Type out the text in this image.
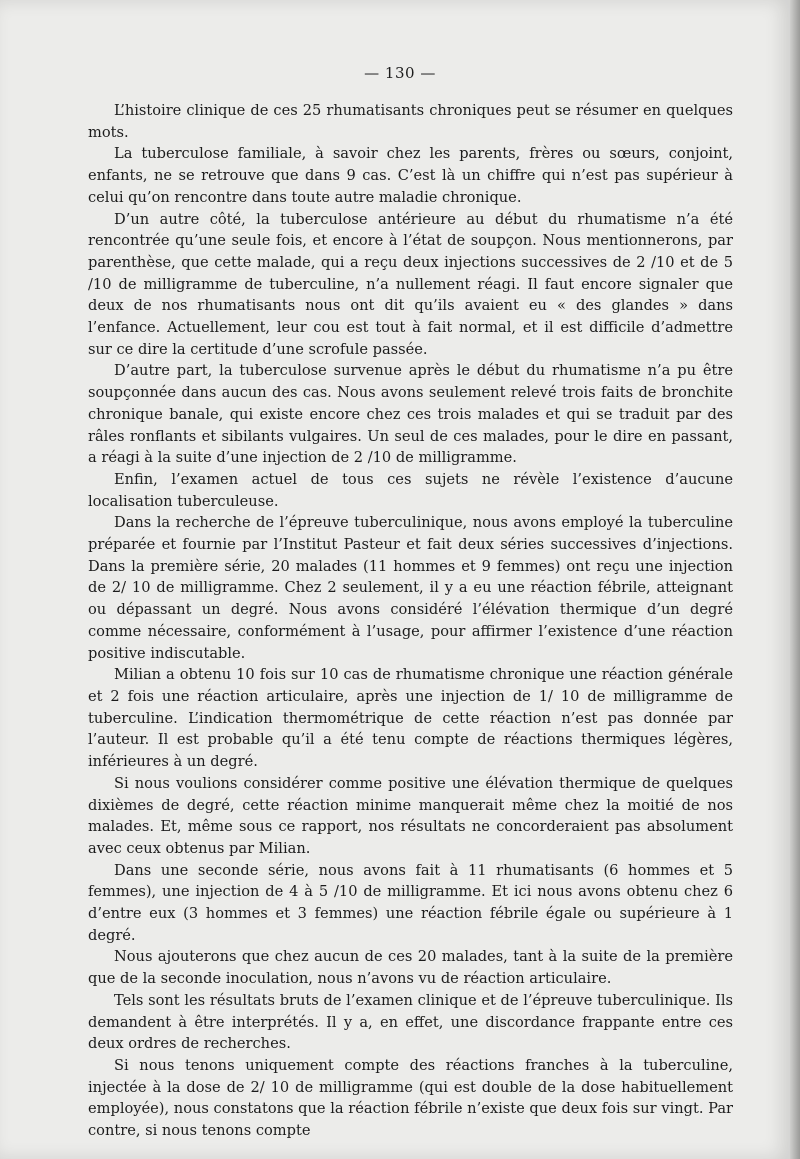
— 130 —

L’histoire clinique de ces 25 rhumatisants chroniques peut se résumer en quelques mots.

La tuberculose familiale, à savoir chez les parents, frères ou sœurs, conjoint, enfants, ne se retrouve que dans 9 cas. C’est là un chiffre qui n’est pas supérieur à celui qu’on rencontre dans toute autre maladie chronique.

D’un autre côté, la tuberculose antérieure au début du rhumatisme n’a été rencontrée qu’une seule fois, et encore à l’état de soupçon. Nous mentionnerons, par parenthèse, que cette malade, qui a reçu deux injections successives de 2 /10 et de 5 /10 de milligramme de tuberculine, n’a nullement réagi. Il faut encore signaler que deux de nos rhumatisants nous ont dit qu’ils avaient eu « des glandes » dans l’enfance. Actuellement, leur cou est tout à fait normal, et il est difficile d’admettre sur ce dire la certitude d’une scrofule passée.

D’autre part, la tuberculose survenue après le début du rhumatisme n’a pu être soupçonnée dans aucun des cas. Nous avons seulement relevé trois faits de bronchite chronique banale, qui existe encore chez ces trois malades et qui se traduit par des râles ronflants et sibilants vulgaires. Un seul de ces malades, pour le dire en passant, a réagi à la suite d’une injection de 2 /10 de milligramme.

Enfin, l’examen actuel de tous ces sujets ne révèle l’existence d’aucune localisation tuberculeuse.

Dans la recherche de l’épreuve tuberculinique, nous avons employé la tuberculine préparée et fournie par l’Institut Pasteur et fait deux séries successives d’injections. Dans la première série, 20 malades (11 hommes et 9 femmes) ont reçu une injection de 2/ 10 de milligramme. Chez 2 seulement, il y a eu une réaction fébrile, atteignant ou dépassant un degré. Nous avons considéré l’élévation thermique d’un degré comme nécessaire, conformément à l’usage, pour affirmer l’existence d’une réaction positive indiscutable.

Milian a obtenu 10 fois sur 10 cas de rhumatisme chronique une réaction générale et 2 fois une réaction articulaire, après une injection de 1/ 10 de milligramme de tuberculine. L’indication thermométrique de cette réaction n’est pas donnée par l’auteur. Il est probable qu’il a été tenu compte de réactions thermiques légères, inférieures à un degré.

Si nous voulions considérer comme positive une élévation thermique de quelques dixièmes de degré, cette réaction minime manquerait même chez la moitié de nos malades. Et, même sous ce rapport, nos résultats ne concorderaient pas absolument avec ceux obtenus par Milian.

Dans une seconde série, nous avons fait à 11 rhumatisants (6 hommes et 5 femmes), une injection de 4 à 5 /10 de milligramme. Et ici nous avons obtenu chez 6 d’entre eux (3 hommes et 3 femmes) une réaction fébrile égale ou supérieure à 1 degré.

Nous ajouterons que chez aucun de ces 20 malades, tant à la suite de la première que de la seconde inoculation, nous n’avons vu de réaction articulaire.

Tels sont les résultats bruts de l’examen clinique et de l’épreuve tuberculinique. Ils demandent à être interprétés. Il y a, en effet, une discordance frappante entre ces deux ordres de recherches.

Si nous tenons uniquement compte des réactions franches à la tuberculine, injectée à la dose de 2/ 10 de milligramme (qui est double de la dose habituellement employée), nous constatons que la réaction fébrile n’existe que deux fois sur vingt. Par contre, si nous tenons compte
